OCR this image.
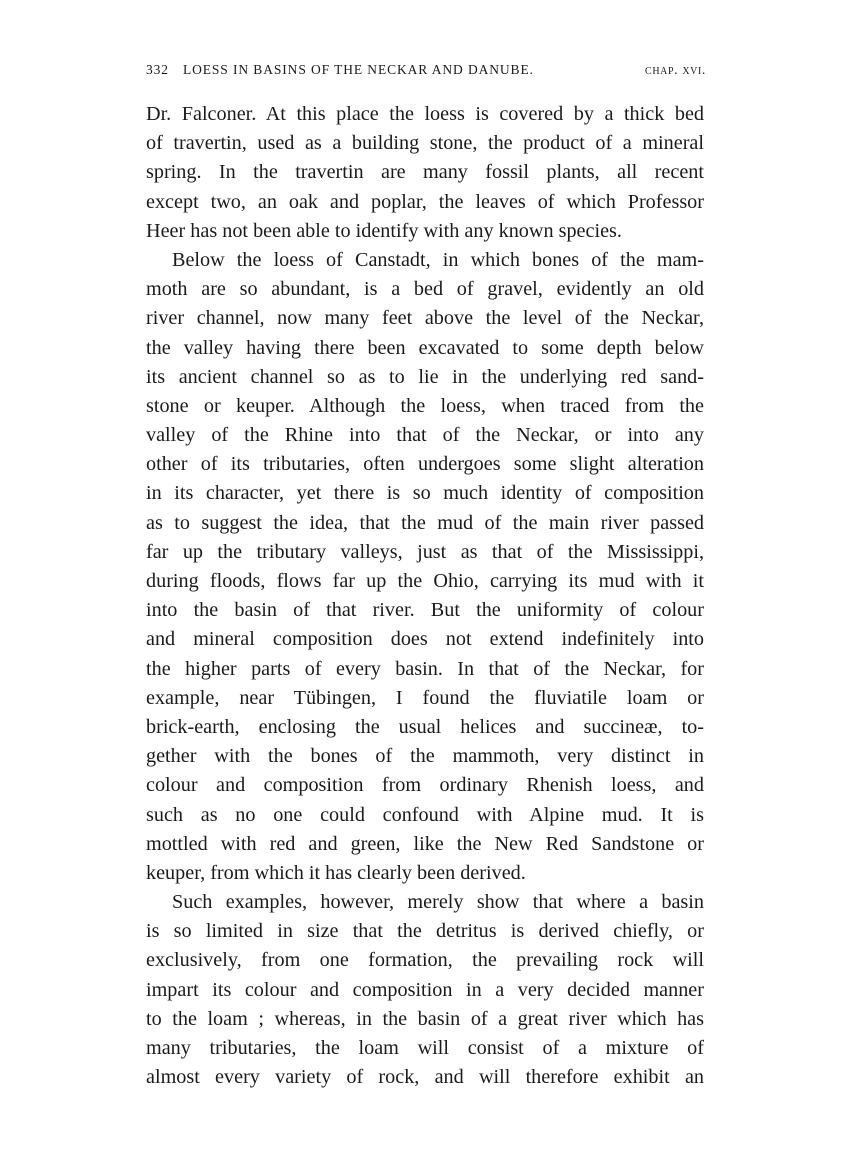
332 LOESS IN BASINS OF THE NECKAR AND DANUBE.	chap. xvi.
Dr. Falconer. At this place the loess is covered by a thick bed
of travertin, used as a building stone, the product of a mineral
spring. In the travertin are many fossil plants, all recent
except two, an oak and poplar, the leaves of which Professor
Heer has not been able to identify with any known species.
Below the loess of Canstadt, in which bones of the mam-
moth are so abundant, is a bed of gravel, evidently an old
river channel, now many feet above the level of the Neckar,
the valley having there been excavated to some depth below
its ancient channel so as to lie in the underlying red sand-
stone or keuper. Although the loess, when traced from the
valley of the Rhine into that of the Neckar, or into any
other of its tributaries, often undergoes some slight alteration
in its character, yet there is so much identity of composition
as to suggest the idea, that the mud of the main river passed
far up the tributary valleys, just as that of the Mississippi,
during floods, flows far up the Ohio, carrying its mud with it
into the basin of that river. But the uniformity of colour
and mineral composition does not extend indefinitely into
the higher parts of every basin. In that of the Neckar, for
example, near Tübingen, I found the fluviatile loam or
brick-earth, enclosing the usual helices and succineæ, to-
gether with the bones of the mammoth, very distinct in
colour and composition from ordinary Rhenish loess, and
such as no one could confound with Alpine mud. It is
mottled with red and green, like the New Red Sandstone or
keuper, from which it has clearly been derived.
Such examples, however, merely show that where a basin
is so limited in size that the detritus is derived chiefly, or
exclusively, from one formation, the prevailing rock will
impart its colour and composition in a very decided manner
to the loam ; whereas, in the basin of a great river which has
many tributaries, the loam will consist of a mixture of
almost every variety of rock, and will therefore exhibit an
